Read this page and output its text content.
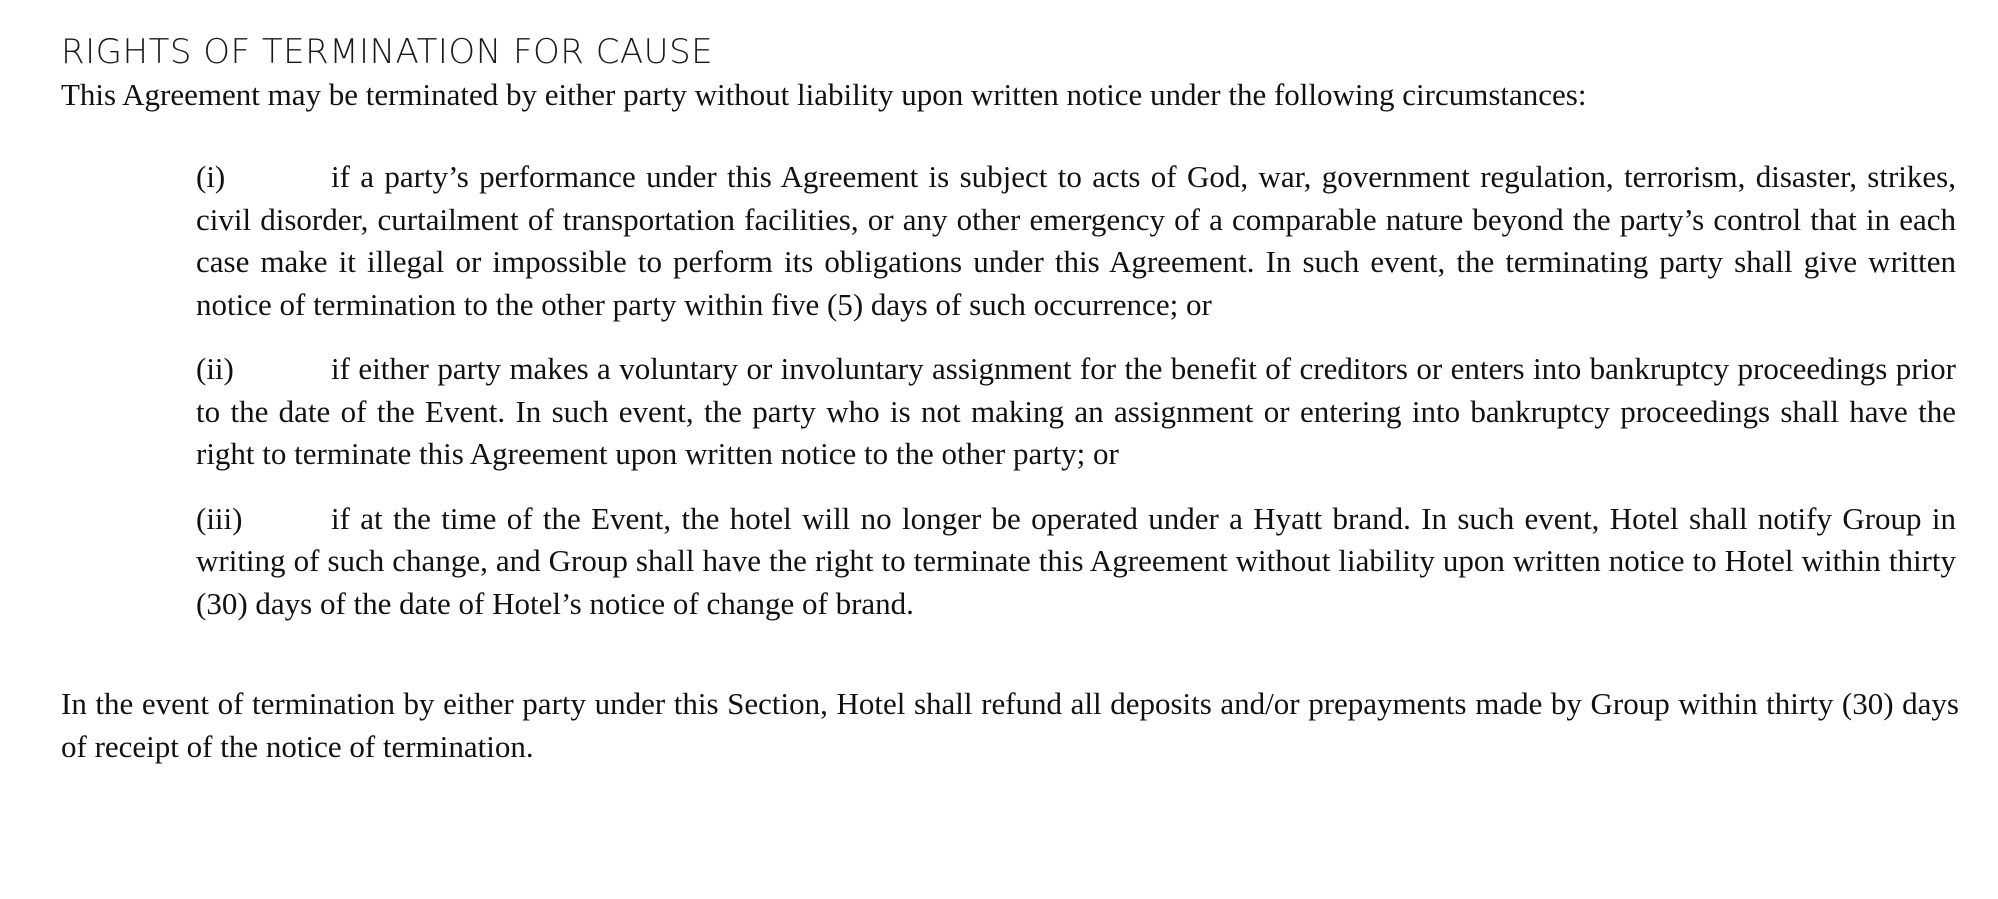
RIGHTS OF TERMINATION FOR CAUSE

This Agreement may be terminated by either party without liability upon written notice under the following circumstances:

(i)	if a party’s performance under this Agreement is subject to acts of God, war, government regulation, terrorism, disaster, strikes, civil disorder, curtailment of transportation facilities, or any other emergency of a comparable nature beyond the party’s control that in each case make it illegal or impossible to perform its obligations under this Agreement. In such event, the terminating party shall give written notice of termination to the other party within five (5) days of such occurrence; or

(ii)	if either party makes a voluntary or involuntary assignment for the benefit of creditors or enters into bankruptcy proceedings prior to the date of the Event. In such event, the party who is not making an assignment or entering into bankruptcy proceedings shall have the right to terminate this Agreement upon written notice to the other party; or

(iii)	if at the time of the Event, the hotel will no longer be operated under a Hyatt brand. In such event, Hotel shall notify Group in writing of such change, and Group shall have the right to terminate this Agreement without liability upon written notice to Hotel within thirty (30) days of the date of Hotel’s notice of change of brand.

In the event of termination by either party under this Section, Hotel shall refund all deposits and/or prepayments made by Group within thirty (30) days of receipt of the notice of termination.
